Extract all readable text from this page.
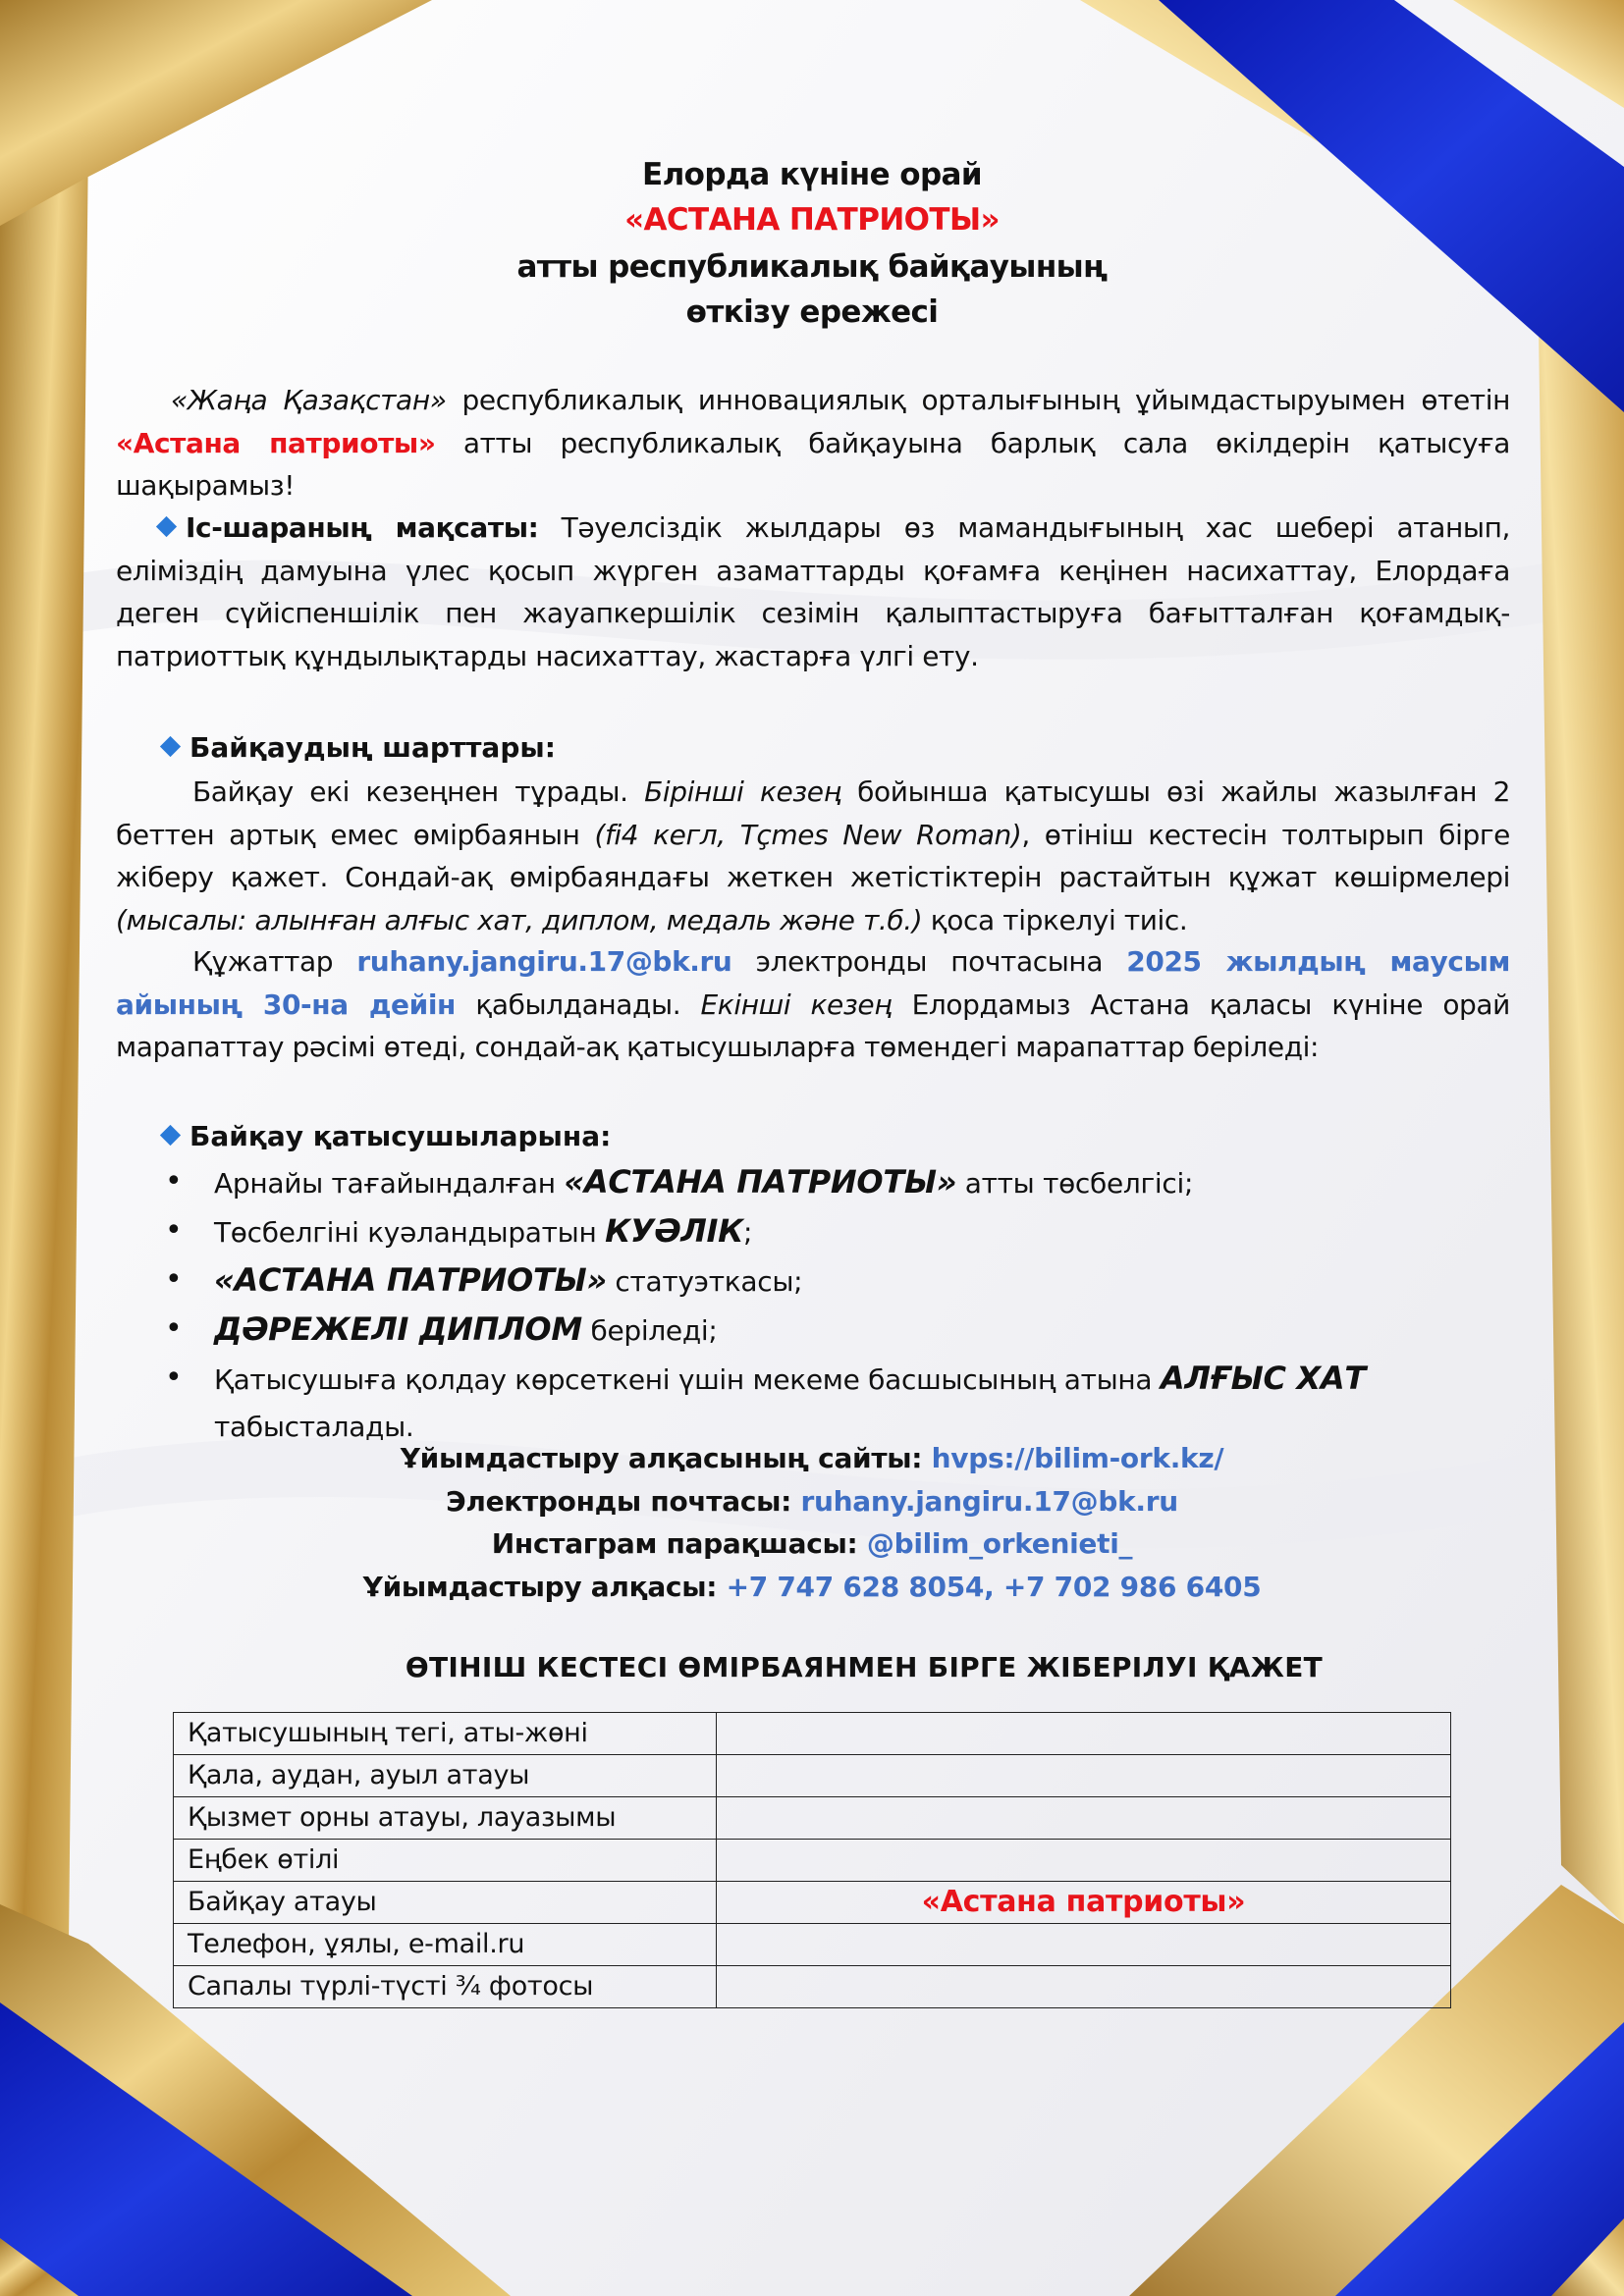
Елорда күніне орай
«АСТАНА ПАТРИОТЫ»
атты республикалық байқауының
өткізу ережесі
«Жаңа Қазақстан» республикалық инновациялық орталығының ұйымдастыруымен өтетін «Астана патриоты» атты республикалық байқауына барлық сала өкілдерін қатысуға шақырамыз!
Іс-шараның мақсаты: Тәуелсіздік жылдары өз мамандығының хас шебері атанып, еліміздің дамуына үлес қосып жүрген азаматтарды қоғамға кеңінен насихаттау, Елордаға деген сүйіспеншілік пен жауапкершілік сезімін қалыптастыруға бағытталған қоғамдық-патриоттық құндылықтарды насихаттау, жастарға үлгі ету.
Байқаудың шарттары:
Байқау екі кезеңнен тұрады. Бірінші кезең бойынша қатысушы өзі жайлы жазылған 2 беттен артық емес өмірбаянын (fi4 кегл, Tҫmes New Roman), өтініш кестесін толтырып бірге жіберу қажет. Сондай-ақ өмірбаяндағы жеткен жетістіктерін растайтын құжат көшірмелері (мысалы: алынған алғыс хат, диплом, медаль және т.б.) қоса тіркелуі тиіс.
Құжаттар ruhany.jangiru.17@bk.ru электронды почтасына 2025 жылдың маусым айының 30-на дейін қабылданады. Екінші кезең Елордамыз Астана қаласы күніне орай марапаттау рәсімі өтеді, сондай-ақ қатысушыларға төмендегі марапаттар беріледі:
Байқау қатысушыларына:
• Арнайы тағайындалған «АСТАНА ПАТРИОТЫ» атты төсбелгісі;
• Төсбелгіні куәландыратын КУӘЛІК;
• «АСТАНА ПАТРИОТЫ» статуэткасы;
• ДӘРЕЖЕЛІ ДИПЛОМ беріледі;
• Қатысушыға қолдау көрсеткені үшін мекеме басшысының атына АЛҒЫС ХАТ табысталады.
Ұйымдастыру алқасының сайты: hvps://bilim-ork.kz/
Электронды почтасы: ruhany.jangiru.17@bk.ru
Инстаграм парақшасы: @bilim_orkenieti_
Ұйымдастыру алқасы: +7 747 628 8054, +7 702 986 6405
ӨТІНІШ КЕСТЕСІ ӨМІРБАЯНМЕН БІРГЕ ЖІБЕРІЛУІ ҚАЖЕТ
Қатысушының тегі, аты-жөні	
Қала, аудан, ауыл атауы	
Қызмет орны атауы, лауазымы	
Еңбек өтілі	
Байқау атауы	«Астана патриоты»
Телефон, ұялы, e-mail.ru	
Сапалы түрлі-түсті ¾ фотосы	
